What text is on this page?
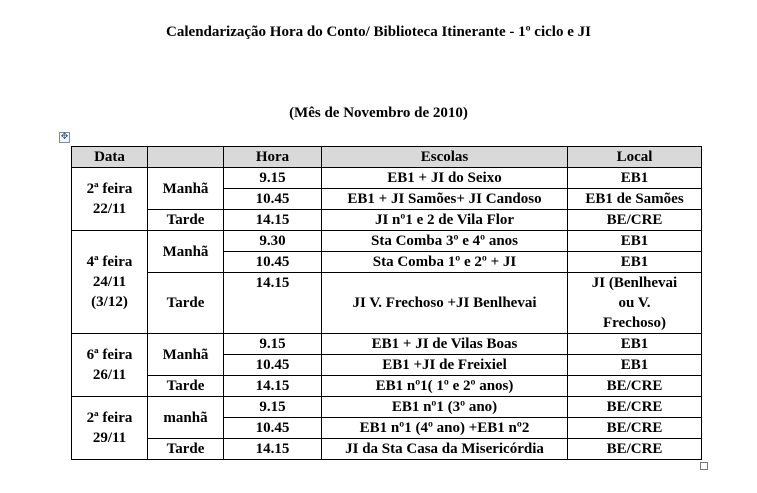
Calendarização Hora do Conto/ Biblioteca Itinerante - 1º ciclo e JI
(Mês de Novembro de 2010)
✥
Data		Hora	Escolas	Local

2ª feira
22/11	Manhã	9.15	EB1 + JI do Seixo	EB1
		10.45	EB1 + JI Samões+ JI Candoso	EB1 de Samões
	Tarde	14.15	JI nº1 e 2 de Vila Flor	BE/CRE

4ª feira
24/11
(3/12)	Manhã	9.30	Sta Comba 3º e 4º anos	EB1
		10.45	Sta Comba 1º e 2º + JI	EB1
	Tarde	14.15	JI V. Frechoso +JI Benlhevai	JI (Benlhevai
ou V.
Frechoso)

6ª feira
26/11	Manhã	9.15	EB1 + JI de Vilas Boas	EB1
		10.45	EB1 +JI de Freixiel	EB1
	Tarde	14.15	EB1 nº1( 1º e 2º anos)	BE/CRE

2ª feira
29/11	manhã	9.15	EB1 nº1 (3º ano)	BE/CRE
		10.45	EB1 nº1 (4º ano) +EB1 nº2	BE/CRE
	Tarde	14.15	JI da Sta Casa da Misericórdia	BE/CRE
